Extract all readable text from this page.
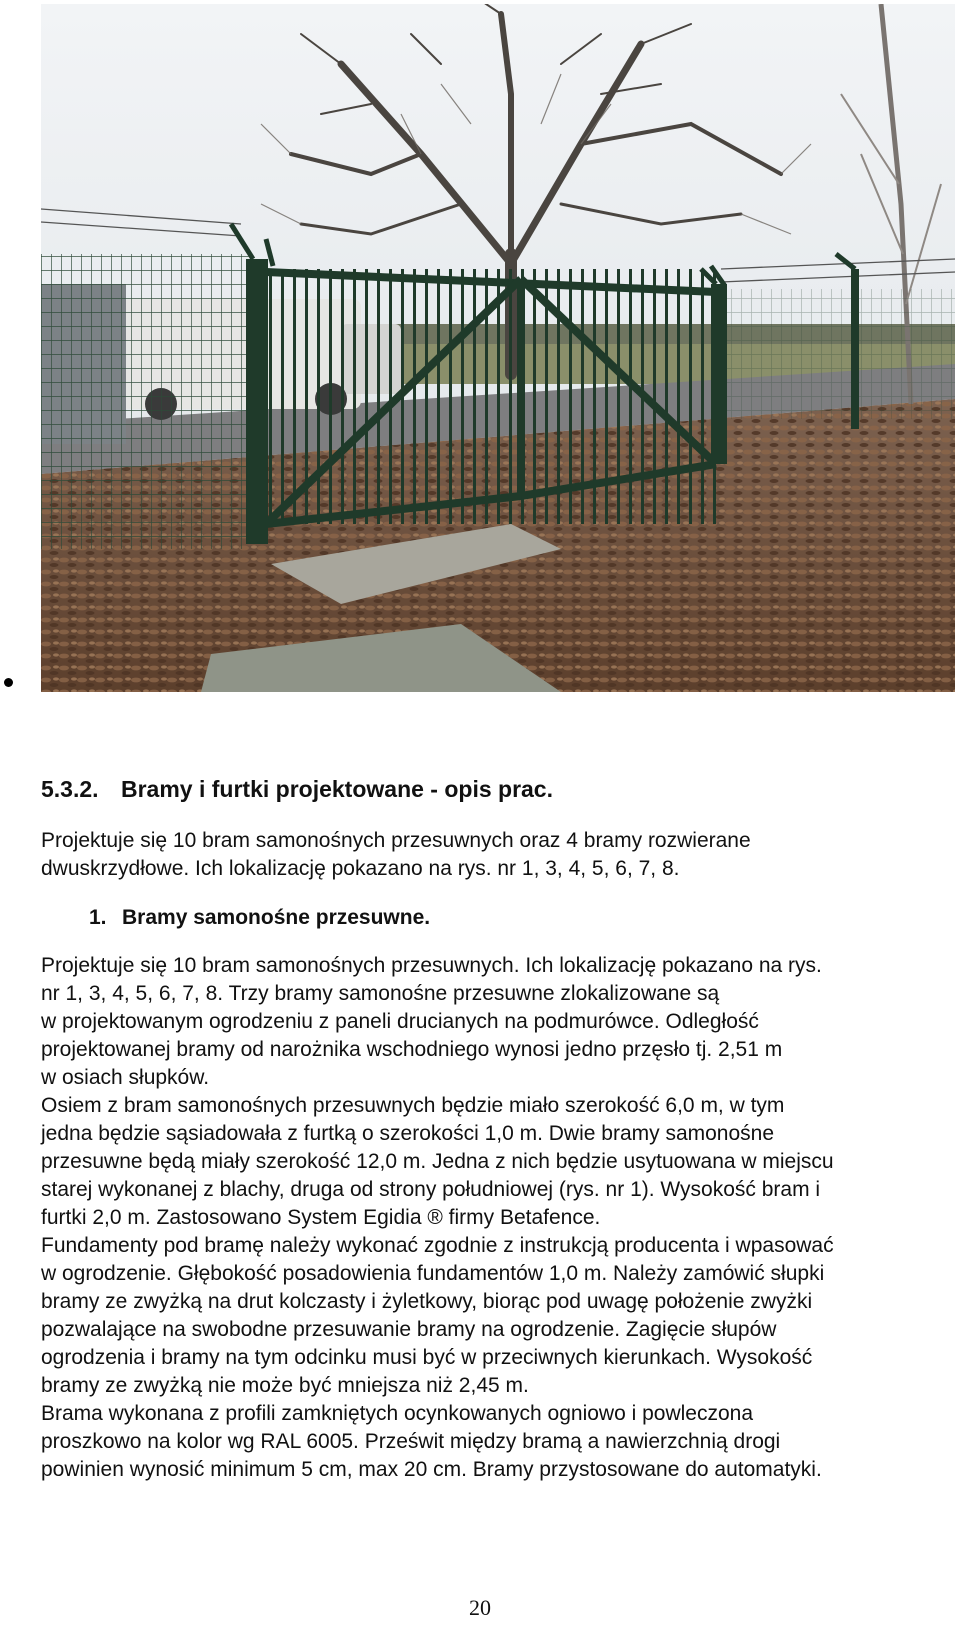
5.3.2. Bramy i furtki projektowane - opis prac.

Projektuje się 10 bram samonośnych przesuwnych oraz 4 bramy rozwierane
dwuskrzydłowe. Ich lokalizację pokazano na rys. nr 1, 3, 4, 5, 6, 7, 8.

1. Bramy samonośne przesuwne.

Projektuje się 10 bram samonośnych przesuwnych. Ich lokalizację pokazano na rys.
nr 1, 3, 4, 5, 6, 7, 8. Trzy bramy samonośne przesuwne zlokalizowane są
w projektowanym ogrodzeniu z paneli drucianych na podmurówce. Odległość
projektowanej bramy od narożnika wschodniego wynosi jedno przęsło tj. 2,51 m
w osiach słupków.

Osiem z bram samonośnych przesuwnych będzie miało szerokość 6,0 m, w tym
jedna będzie sąsiadowała z furtką o szerokości 1,0 m. Dwie bramy samonośne
przesuwne będą miały szerokość 12,0 m. Jedna z nich będzie usytuowana w miejscu
starej wykonanej z blachy, druga od strony południowej (rys. nr 1). Wysokość bram i
furtki 2,0 m. Zastosowano System Egidia ® firmy Betafence.

Fundamenty pod bramę należy wykonać zgodnie z instrukcją producenta i wpasować
w ogrodzenie. Głębokość posadowienia fundamentów 1,0 m. Należy zamówić słupki
bramy ze zwyżką na drut kolczasty i żyletkowy, biorąc pod uwagę położenie zwyżki
pozwalające na swobodne przesuwanie bramy na ogrodzenie. Zagięcie słupów
ogrodzenia i bramy na tym odcinku musi być w przeciwnych kierunkach. Wysokość
bramy ze zwyżką nie może być mniejsza niż 2,45 m.

Brama wykonana z profili zamkniętych ocynkowanych ogniowo i powleczona
proszkowo na kolor wg RAL 6005. Prześwit między bramą a nawierzchnią drogi
powinien wynosić minimum 5 cm, max 20 cm. Bramy przystosowane do automatyki.

20
